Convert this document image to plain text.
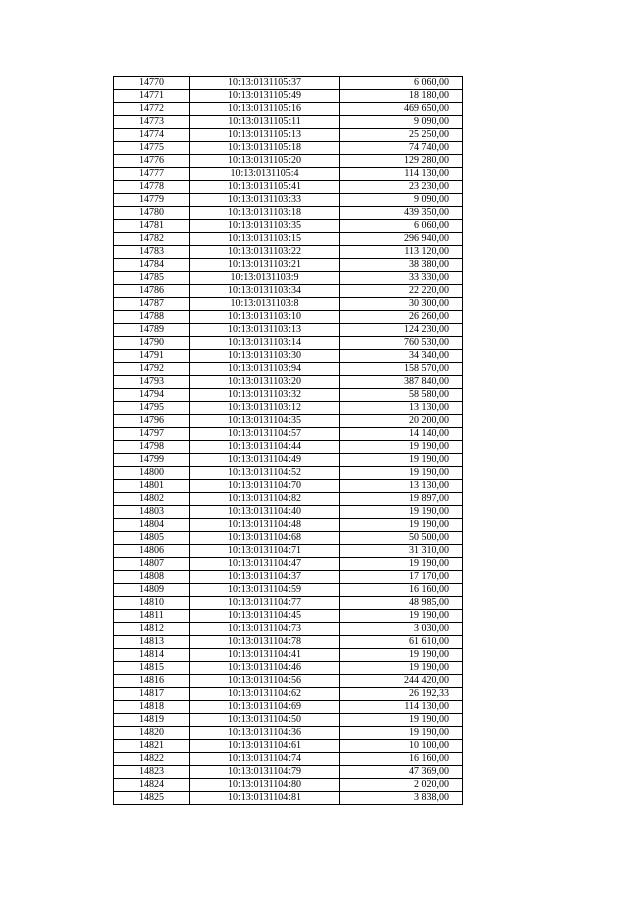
14770	10:13:0131105:37	6 060,00
14771	10:13:0131105:49	18 180,00
14772	10:13:0131105:16	469 650,00
14773	10:13:0131105:11	9 090,00
14774	10:13:0131105:13	25 250,00
14775	10:13:0131105:18	74 740,00
14776	10:13:0131105:20	129 280,00
14777	10:13:0131105:4	114 130,00
14778	10:13:0131105:41	23 230,00
14779	10:13:0131103:33	9 090,00
14780	10:13:0131103:18	439 350,00
14781	10:13:0131103:35	6 060,00
14782	10:13:0131103:15	296 940,00
14783	10:13:0131103:22	113 120,00
14784	10:13:0131103:21	38 380,00
14785	10:13:0131103:9	33 330,00
14786	10:13:0131103:34	22 220,00
14787	10:13:0131103:8	30 300,00
14788	10:13:0131103:10	26 260,00
14789	10:13:0131103:13	124 230,00
14790	10:13:0131103:14	760 530,00
14791	10:13:0131103:30	34 340,00
14792	10:13:0131103:94	158 570,00
14793	10:13:0131103:20	387 840,00
14794	10:13:0131103:32	58 580,00
14795	10:13:0131103:12	13 130,00
14796	10:13:0131104:35	20 200,00
14797	10:13:0131104:57	14 140,00
14798	10:13:0131104:44	19 190,00
14799	10:13:0131104:49	19 190,00
14800	10:13:0131104:52	19 190,00
14801	10:13:0131104:70	13 130,00
14802	10:13:0131104:82	19 897,00
14803	10:13:0131104:40	19 190,00
14804	10:13:0131104:48	19 190,00
14805	10:13:0131104:68	50 500,00
14806	10:13:0131104:71	31 310,00
14807	10:13:0131104:47	19 190,00
14808	10:13:0131104:37	17 170,00
14809	10:13:0131104:59	16 160,00
14810	10:13:0131104:77	48 985,00
14811	10:13:0131104:45	19 190,00
14812	10:13:0131104:73	3 030,00
14813	10:13:0131104:78	61 610,00
14814	10:13:0131104:41	19 190,00
14815	10:13:0131104:46	19 190,00
14816	10:13:0131104:56	244 420,00
14817	10:13:0131104:62	26 192,33
14818	10:13:0131104:69	114 130,00
14819	10:13:0131104:50	19 190,00
14820	10:13:0131104:36	19 190,00
14821	10:13:0131104:61	10 100,00
14822	10:13:0131104:74	16 160,00
14823	10:13:0131104:79	47 369,00
14824	10:13:0131104:80	2 020,00
14825	10:13:0131104:81	3 838,00
